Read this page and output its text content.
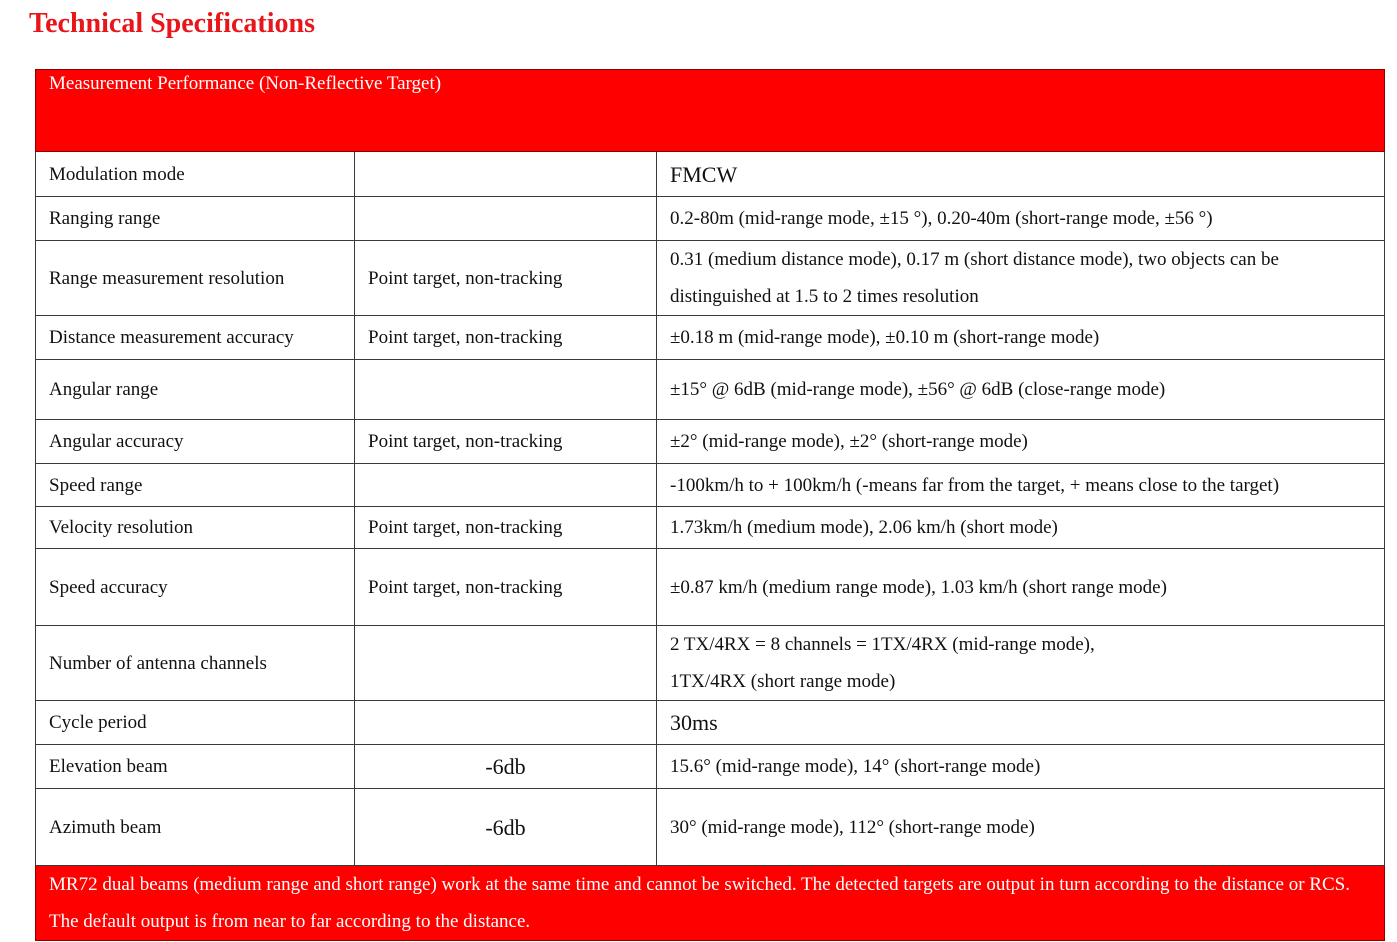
Technical Specifications
Measurement Performance (Non-Reflective Target)		
Modulation mode		FMCW
Ranging range		0.2-80m (mid-range mode, ±15 °), 0.20-40m (short-range mode, ±56 °)
Range measurement resolution	Point target, non-tracking	0.31 (medium distance mode), 0.17 m (short distance mode), two objects can be distinguished at 1.5 to 2 times resolution
Distance measurement accuracy	Point target, non-tracking	±0.18 m (mid-range mode), ±0.10 m (short-range mode)
Angular range		±15° @ 6dB (mid-range mode), ±56° @ 6dB (close-range mode)
Angular accuracy	Point target, non-tracking	±2° (mid-range mode), ±2° (short-range mode)
Speed range		-100km/h to + 100km/h (-means far from the target, + means close to the target)
Velocity resolution	Point target, non-tracking	1.73km/h (medium mode), 2.06 km/h (short mode)
Speed accuracy	Point target, non-tracking	±0.87 km/h (medium range mode), 1.03 km/h (short range mode)
Number of antenna channels		2 TX/4RX = 8 channels = 1TX/4RX (mid-range mode),
1TX/4RX (short range mode)

Cycle period		30ms
Elevation beam	-6db	15.6° (mid-range mode), 14° (short-range mode)
Azimuth beam	-6db	30° (mid-range mode), 112° (short-range mode)
MR72 dual beams (medium range and short range) work at the same time and cannot be switched. The detected targets are output in turn according to the distance or RCS. The default output is from near to far according to the distance.		
